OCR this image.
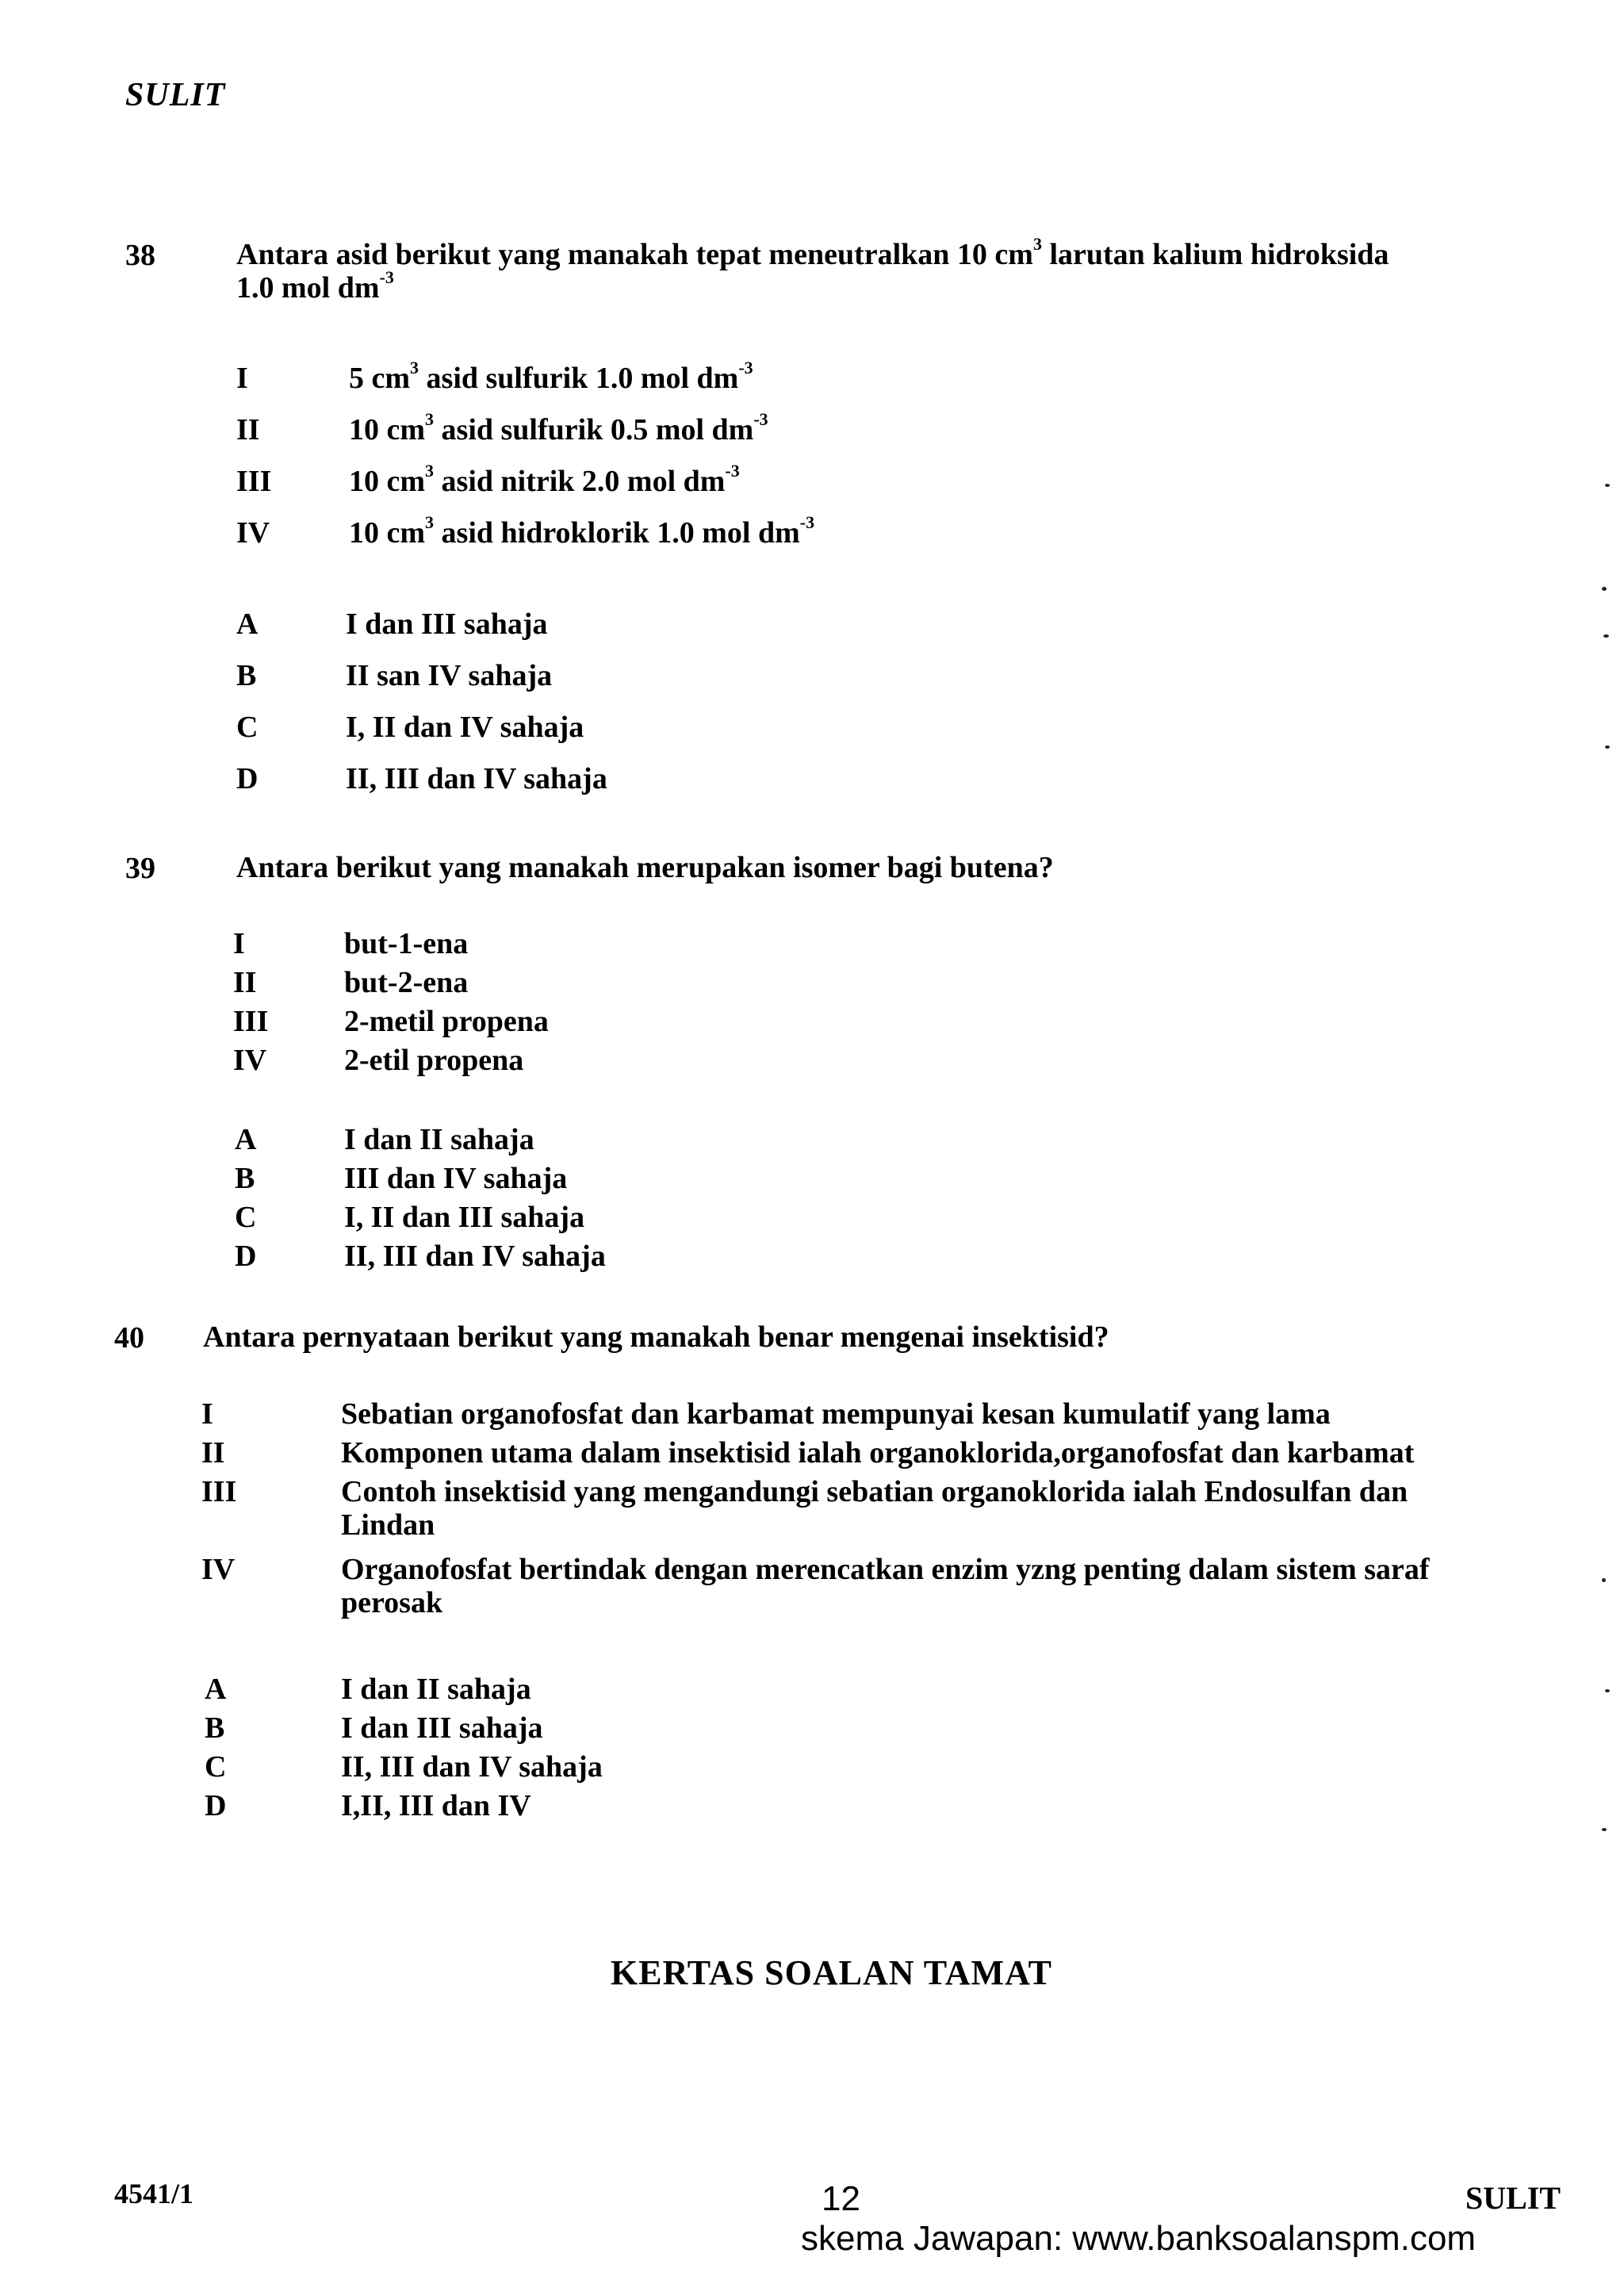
SULIT
38	Antara asid berikut yang manakah tepat meneutralkan 10 $cm^3$ larutan kalium hidroksida
1.0 mol $dm^{-3}$
I	5 $cm^3$ asid sulfurik 1.0 mol $dm^{-3}$
II	10 $cm^3$ asid sulfurik 0.5 mol $dm^{-3}$
III	10 $cm^3$ asid nitrik 2.0 mol $dm^{-3}$
IV	10 $cm^3$ asid hidroklorik 1.0 mol $dm^{-3}$
A	I dan III sahaja
B	II san IV sahaja
C	I, II dan IV sahaja
D	II, III dan IV sahaja
39	Antara berikut yang manakah merupakan isomer bagi butena?
I	but-1-ena
II	but-2-ena
III	2-metil propena
IV	2-etil propena
A	I dan II sahaja
B	III dan IV sahaja
C	I, II dan III sahaja
D	II, III dan IV sahaja
40 Antara pernyataan berikut yang manakah benar mengenai insektisid?
I	Sebatian organofosfat dan karbamat mempunyai kesan kumulatif yang lama
II	Komponen utama dalam insektisid ialah organoklorida,organofosfat dan karbamat
III	Contoh insektisid yang mengandungi sebatian organoklorida ialah Endosulfan dan
Lindan
IV	Organofosfat bertindak dengan merencatkan enzim yzng penting dalam sistem saraf
perosak
A	I dan II sahaja
B	I dan III sahaja
C	II, III dan IV sahaja
D	I,II, III dan IV
KERTAS SOALAN TAMAT
4541/1	12	SULIT
skema Jawapan: www.banksoalanspm.com
